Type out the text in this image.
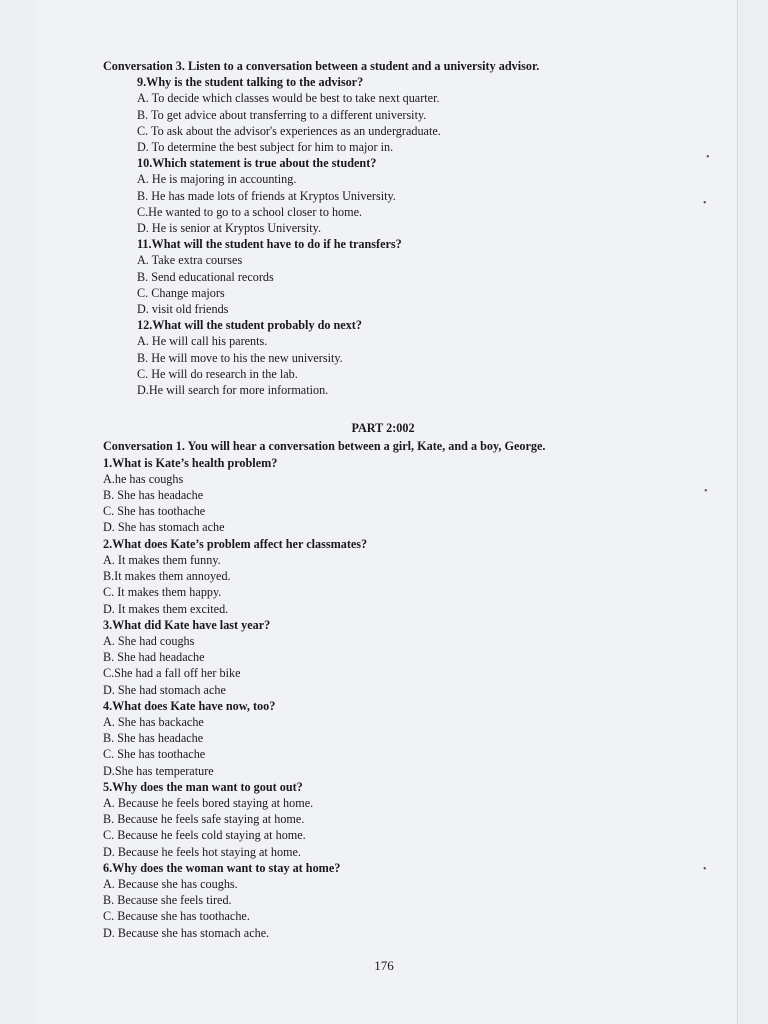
Conversation 3. Listen to a conversation between a student and a university advisor.
9.Why is the student talking to the advisor?
A. To decide which classes would be best to take next quarter.
B. To get advice about transferring to a different university.
C. To ask about the advisor's experiences as an undergraduate.
D. To determine the best subject for him to major in.
10.Which statement is true about the student?
A. He is majoring in accounting.
B. He has made lots of friends at Kryptos University.
C.He wanted to go to a school closer to home.
D. He is senior at Kryptos University.
11.What will the student have to do if he transfers?
A. Take extra courses
B. Send educational records
C. Change majors
D. visit old friends
12.What will the student probably do next?
A. He will call his parents.
B. He will move to his the new university.
C. He will do research in the lab.
D.He will search for more information.
PART 2:002
Conversation 1. You will hear a conversation between a girl, Kate, and a boy, George.
1.What is Kate’s health problem?
A.he has coughs
B. She has headache
C. She has toothache
D. She has stomach ache
2.What does Kate’s problem affect her classmates?
A. It makes them funny.
B.It makes them annoyed.
C. It makes them happy.
D. It makes them excited.
3.What did Kate have last year?
A. She had coughs
B. She had headache
C.She had a fall off her bike
D. She had stomach ache
4.What does Kate have now, too?
A. She has backache
B. She has headache
C. She has toothache
D.She has temperature
5.Why does the man want to gout out?
A. Because he feels bored staying at home.
B. Because he feels safe staying at home.
C. Because he feels cold staying at home.
D. Because he feels hot staying at home.
6.Why does the woman want to stay at home?
A. Because she has coughs.
B. Because she feels tired.
C. Because she has toothache.
D. Because she has stomach ache.
176
•
•
•
•
